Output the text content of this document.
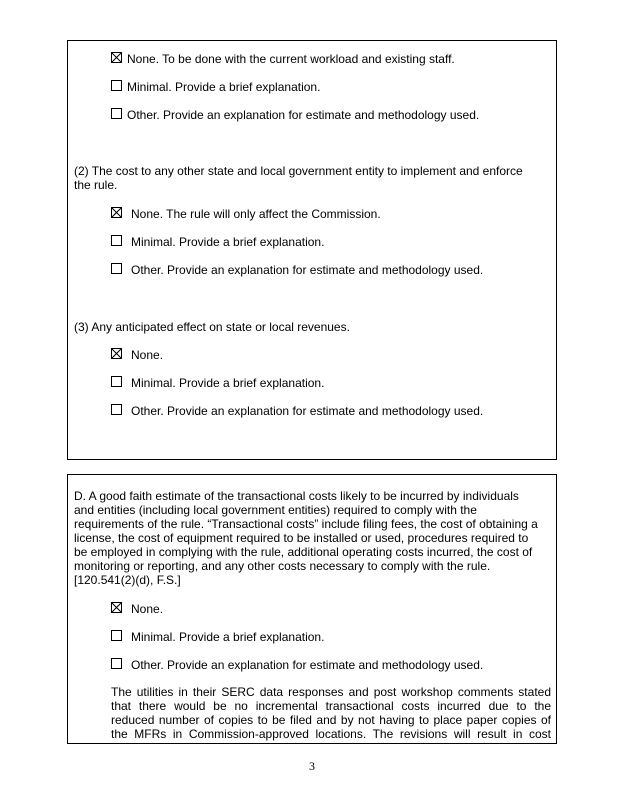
None. To be done with the current workload and existing staff.
Minimal. Provide a brief explanation.
Other. Provide an explanation for estimate and methodology used.
(2) The cost to any other state and local government entity to implement and enforce
the rule.
None. The rule will only affect the Commission.
Minimal. Provide a brief explanation.
Other. Provide an explanation for estimate and methodology used.
(3) Any anticipated effect on state or local revenues.
None.
Minimal. Provide a brief explanation.
Other. Provide an explanation for estimate and methodology used.
D. A good faith estimate of the transactional costs likely to be incurred by individuals
and entities (including local government entities) required to comply with the
requirements of the rule. “Transactional costs” include filing fees, the cost of obtaining a
license, the cost of equipment required to be installed or used, procedures required to
be employed in complying with the rule, additional operating costs incurred, the cost of
monitoring or reporting, and any other costs necessary to comply with the rule.
[120.541(2)(d), F.S.]
None.
Minimal. Provide a brief explanation.
Other. Provide an explanation for estimate and methodology used.
The utilities in their SERC data responses and post workshop comments stated
that there would be no incremental transactional costs incurred due to the
reduced number of copies to be filed and by not having to place paper copies of
the MFRs in Commission-approved locations. The revisions will result in cost
3
